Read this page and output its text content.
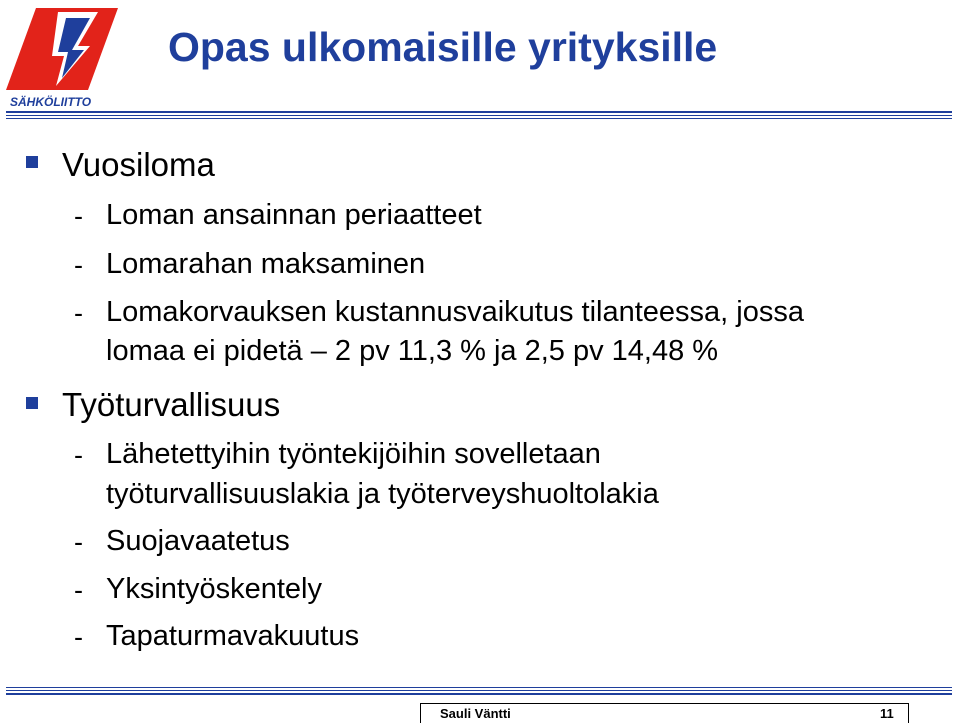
SÄHKÖLIITTO
Opas ulkomaisille yrityksille
Vuosiloma
- Loman ansainnan periaatteet
- Lomarahan maksaminen
- Lomakorvauksen kustannusvaikutus tilanteessa, jossa
lomaa ei pidetä – 2 pv 11,3 % ja 2,5 pv 14,48 %
Työturvallisuus
- Lähetettyihin työntekijöihin sovelletaan
työturvallisuuslakia ja työterveyshuoltolakia
- Suojavaatetus
- Yksintyöskentely
- Tapaturmavakuutus
Sauli Väntti	11
